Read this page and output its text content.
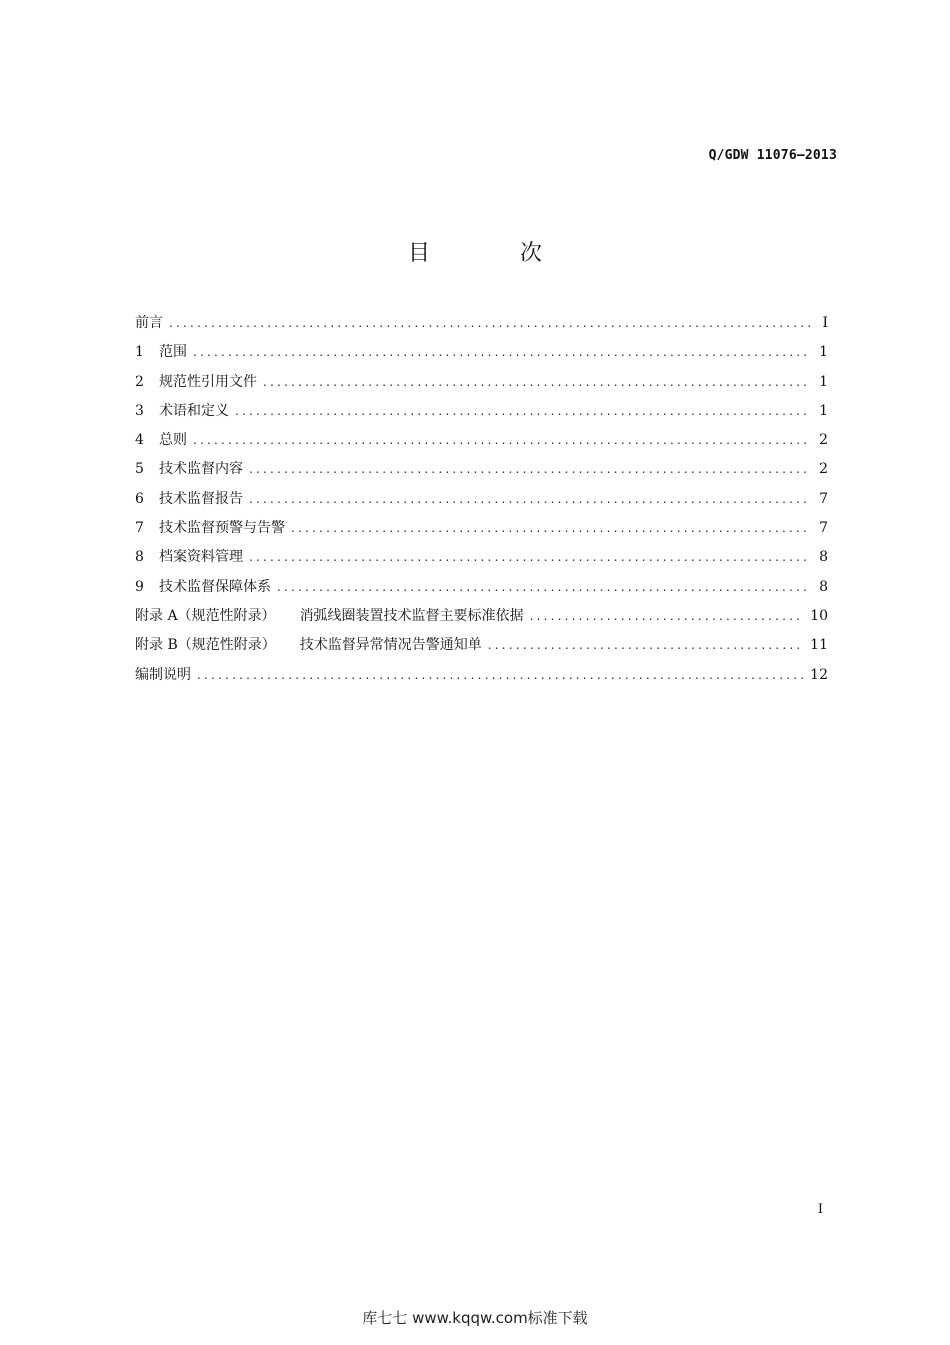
Q/GDW 11076—2013
目	次
前言 .....	I
1	范围 .....	1
2	规范性引用文件 .....	1
3	术语和定义 .....	1
4	总则 .....	2
5	技术监督内容 .....	2
6	技术监督报告 .....	7
7	技术监督预警与告警 .....	7
8	档案资料管理 .....	8
9	技术监督保障体系 .....	8
附录 A（规范性附录）	消弧线圈装置技术监督主要标准依据 .....	10
附录 B（规范性附录）	技术监督异常情况告警通知单 .....	11
编制说明 .....	12
I
库七七 www.kqqw.com标准下载
